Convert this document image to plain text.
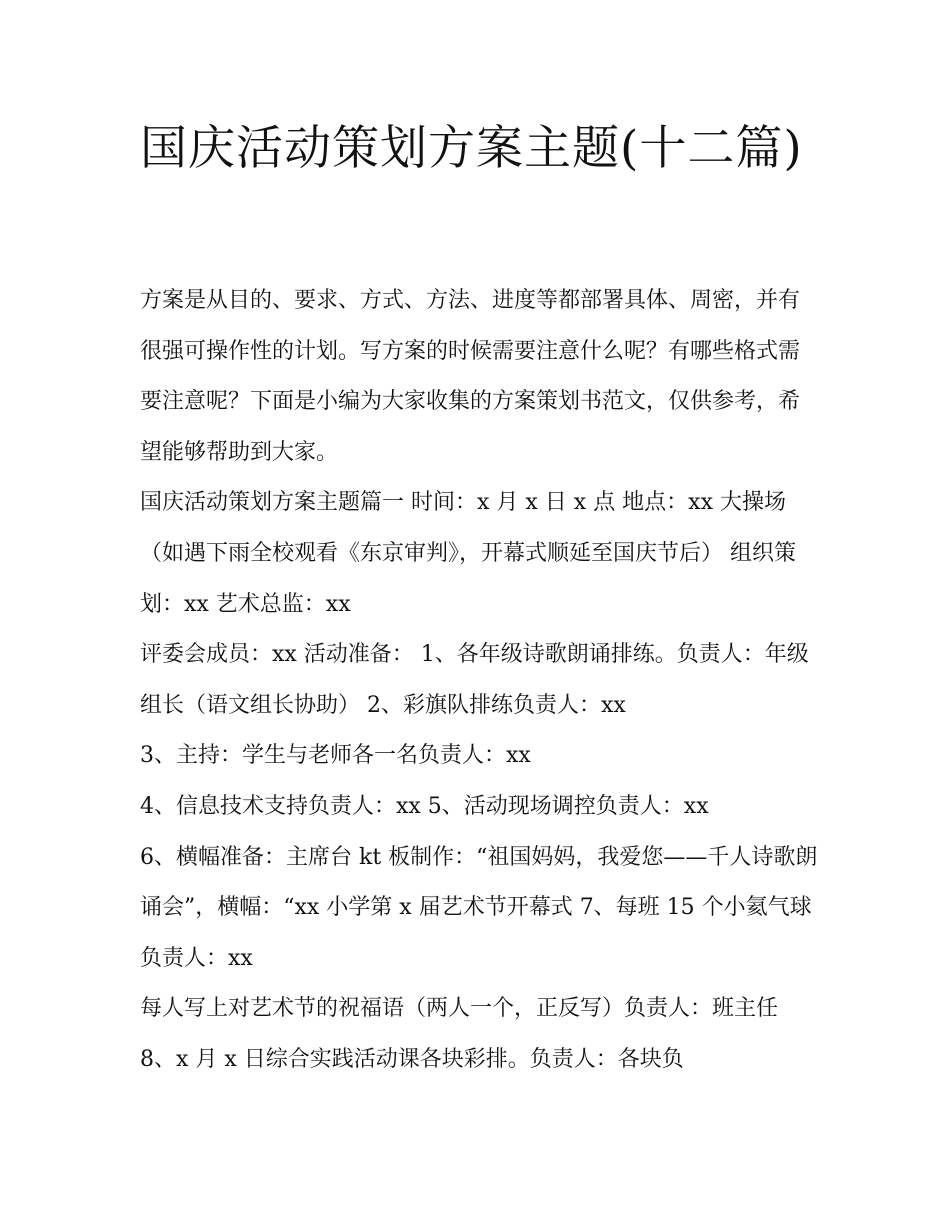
国庆活动策划方案主题(十二篇)

方案是从目的、要求、方式、方法、进度等都部署具体、周密，并有很强可操作性的计划。写方案的时候需要注意什么呢？有哪些格式需要注意呢？下面是小编为大家收集的方案策划书范文，仅供参考，希望能够帮助到大家。

国庆活动策划方案主题篇一 时间：x 月 x 日 x 点 地点：xx 大操场（如遇下雨全校观看《东京审判》，开幕式顺延至国庆节后） 组织策划：xx 艺术总监：xx

评委会成员：xx 活动准备： 1、各年级诗歌朗诵排练。负责人：年级组长（语文组长协助） 2、彩旗队排练负责人：xx

3、主持：学生与老师各一名负责人：xx

4、信息技术支持负责人：xx 5、活动现场调控负责人：xx

6、横幅准备：主席台 kt 板制作：“祖国妈妈，我爱您——千人诗歌朗诵会”，横幅：“xx 小学第 x 届艺术节开幕式 7、每班 15 个小氦气球负责人：xx

每人写上对艺术节的祝福语（两人一个，正反写）负责人：班主任 8、x 月 x 日综合实践活动课各块彩排。负责人：各块负
